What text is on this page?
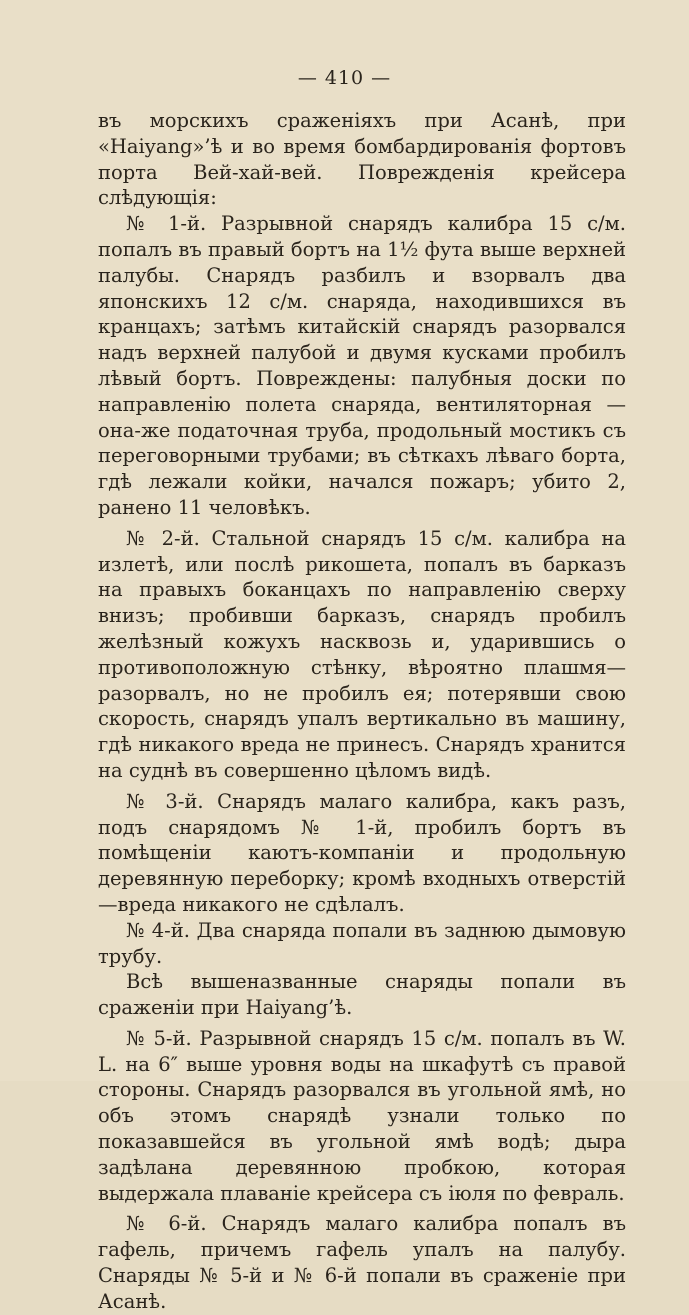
— 410 —

въ морскихъ сраженіяхъ при Асанѣ, при «Haiyang»’ѣ и во время бомбардированія фортовъ порта Вей-хай-вей. Поврежденія крейсера слѣдующія:

№ 1-й. Разрывной снарядъ калибра 15 с/м. попалъ въ правый бортъ на 1½ фута выше верхней палубы. Снарядъ разбилъ и взорвалъ два японскихъ 12 с/м. снаряда, находившихся въ кранцахъ; затѣмъ китайскій снарядъ разорвался надъ верхней палубой и двумя кусками пробилъ лѣвый бортъ. Повреждены: палубныя доски по направленію полета снаряда, вентиляторная — она-же податочная труба, продольный мостикъ съ переговорными трубами; въ сѣткахъ лѣваго борта, гдѣ лежали койки, начался пожаръ; убито 2, ранено 11 человѣкъ.

№ 2-й. Стальной снарядъ 15 с/м. калибра на излетѣ, или послѣ рикошета, попалъ въ барказъ на правыхъ боканцахъ по направленію сверху внизъ; пробивши барказъ, снарядъ пробилъ желѣзный кожухъ насквозь и, ударившись о противоположную стѣнку, вѣроятно плашмя—разорвалъ, но не пробилъ ея; потерявши свою скорость, снарядъ упалъ вертикально въ машину, гдѣ никакого вреда не принесъ. Снарядъ хранится на суднѣ въ совершенно цѣломъ видѣ.

№ 3-й. Снарядъ малаго калибра, какъ разъ, подъ снарядомъ № 1-й, пробилъ бортъ въ помѣщеніи каютъ-компаніи и продольную деревянную переборку; кромѣ входныхъ отверстій—вреда никакого не сдѣлалъ.

№ 4-й. Два снаряда попали въ заднюю дымовую трубу.

Всѣ вышеназванные снаряды попали въ сраженіи при Haiyang’ѣ.

№ 5-й. Разрывной снарядъ 15 с/м. попалъ въ W. L. на 6″ выше уровня воды на шкафутѣ съ правой стороны. Снарядъ разорвался въ угольной ямѣ, но объ этомъ снарядѣ узнали только по показавшейся въ угольной ямѣ водѣ; дыра задѣлана деревянною пробкою, которая выдержала плаваніе крейсера съ іюля по февраль.

№ 6-й. Снарядъ малаго калибра попалъ въ гафель, причемъ гафель упалъ на палубу. Снаряды № 5-й и № 6-й попали въ сраженіе при Асанѣ.
